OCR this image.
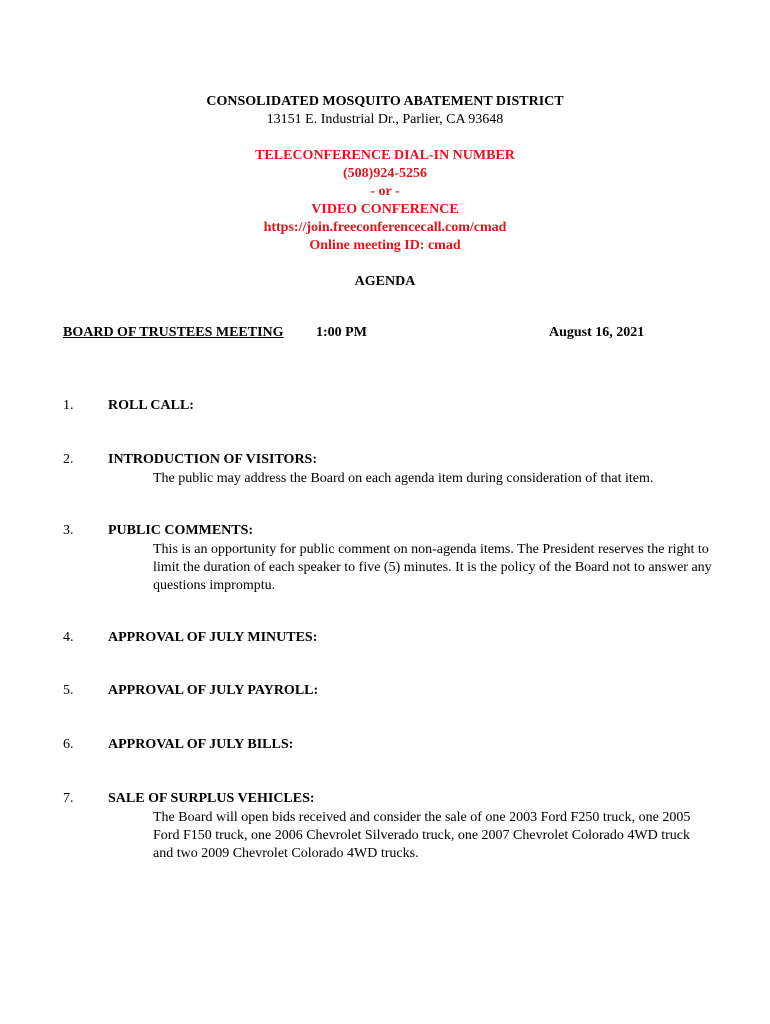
CONSOLIDATED MOSQUITO ABATEMENT DISTRICT
13151 E. Industrial Dr., Parlier, CA 93648
TELECONFERENCE DIAL-IN NUMBER
(508)924-5256
- or -
VIDEO CONFERENCE
https://join.freeconferencecall.com/cmad
Online meeting ID: cmad
AGENDA
BOARD OF TRUSTEES MEETING 1:00 PM	August 16, 2021
1. ROLL CALL:
2. INTRODUCTION OF VISITORS:
The public may address the Board on each agenda item during consideration of that item.
3. PUBLIC COMMENTS:
This is an opportunity for public comment on non-agenda items. The President reserves the right to limit the duration of each speaker to five (5) minutes. It is the policy of the Board not to answer any questions impromptu.
4. APPROVAL OF JULY MINUTES:
5. APPROVAL OF JULY PAYROLL:
6. APPROVAL OF JULY BILLS:
7. SALE OF SURPLUS VEHICLES:
The Board will open bids received and consider the sale of one 2003 Ford F250 truck, one 2005 Ford F150 truck, one 2006 Chevrolet Silverado truck, one 2007 Chevrolet Colorado 4WD truck and two 2009 Chevrolet Colorado 4WD trucks.
